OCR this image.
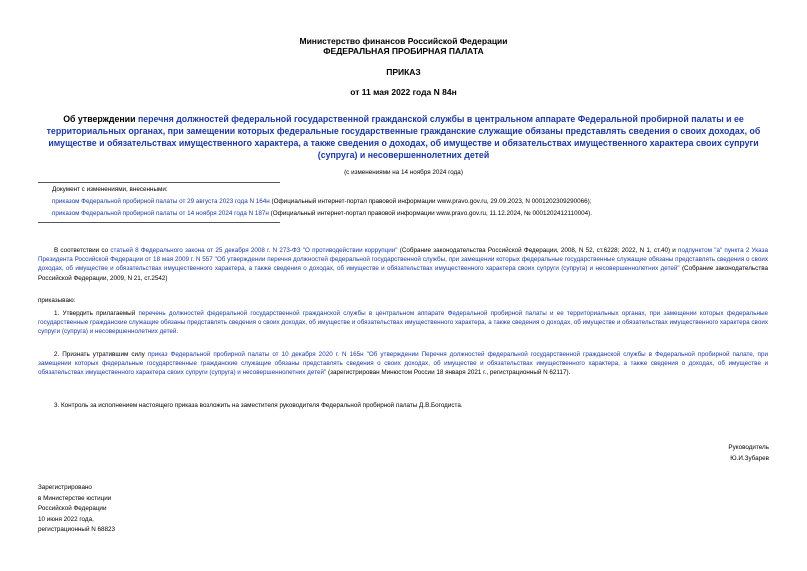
Министерство финансов Российской Федерации
ФЕДЕРАЛЬНАЯ ПРОБИРНАЯ ПАЛАТА
ПРИКАЗ
от 11 мая 2022 года N 84н
Об утверждении перечня должностей федеральной государственной гражданской службы в центральном аппарате Федеральной пробирной палаты и ее территориальных органах, при замещении которых федеральные государственные гражданские служащие обязаны представлять сведения о своих доходах, об имуществе и обязательствах имущественного характера, а также сведения о доходах, об имуществе и обязательствах имущественного характера своих супруги (супруга) и несовершеннолетних детей
(с изменениями на 14 ноября 2024 года)
Документ с изменениями, внесенными:
приказом Федеральной пробирной палаты от 29 августа 2023 года N 164н (Официальный интернет-портал правовой информации www.pravo.gov.ru, 29.09.2023, N 0001202309290066);
приказом Федеральной пробирной палаты от 14 ноября 2024 года N 187н (Официальный интернет-портал правовой информации www.pravo.gov.ru, 11.12.2024, № 0001202412110004).
В соответствии со статьей 8 Федерального закона от 25 декабря 2008 г. N 273-ФЗ "О противодействии коррупции" (Собрание законодательства Российской Федерации, 2008, N 52, ст.6228; 2022, N 1, ст.40) и подпунктом "а" пункта 2 Указа Президента Российской Федерации от 18 мая 2009 г. N 557 "Об утверждении перечня должностей федеральной государственной службы, при замещении которых федеральные государственные служащие обязаны представлять сведения о своих доходах, об имуществе и обязательствах имущественного характера, а также сведения о доходах, об имуществе и обязательствах имущественного характера своих супруги (супруга) и несовершеннолетних детей" (Собрание законодательства Российской Федерации, 2009, N 21, ст.2542)
приказываю:
1. Утвердить прилагаемый перечень должностей федеральной государственной гражданской службы в центральном аппарате Федеральной пробирной палаты и ее территориальных органах, при замещении которых федеральные государственные гражданские служащие обязаны представлять сведения о своих доходах, об имуществе и обязательствах имущественного характера, а также сведения о доходах, об имуществе и обязательствах имущественного характера своих супруги (супруга) и несовершеннолетних детей.
2. Признать утратившим силу приказ Федеральной пробирной палаты от 10 декабря 2020 г. N 165н "Об утверждении Перечня должностей федеральной государственной гражданской службы в Федеральной пробирной палате, при замещении которых федеральные государственные гражданские служащие обязаны представлять сведения о своих доходах, об имуществе и обязательствах имущественного характера, а также сведения о доходах, об имуществе и обязательствах имущественного характера своих супруги (супруга) и несовершеннолетних детей" (зарегистрирован Минюстом России 18 января 2021 г., регистрационный N 62117).
3. Контроль за исполнением настоящего приказа возложить на заместителя руководителя Федеральной пробирной палаты Д.В.Богодиста.
Руководитель
Ю.И.Зубарев
Зарегистрировано
в Министерстве юстиции
Российской Федерации
10 июня 2022 года,
регистрационный N 68823
